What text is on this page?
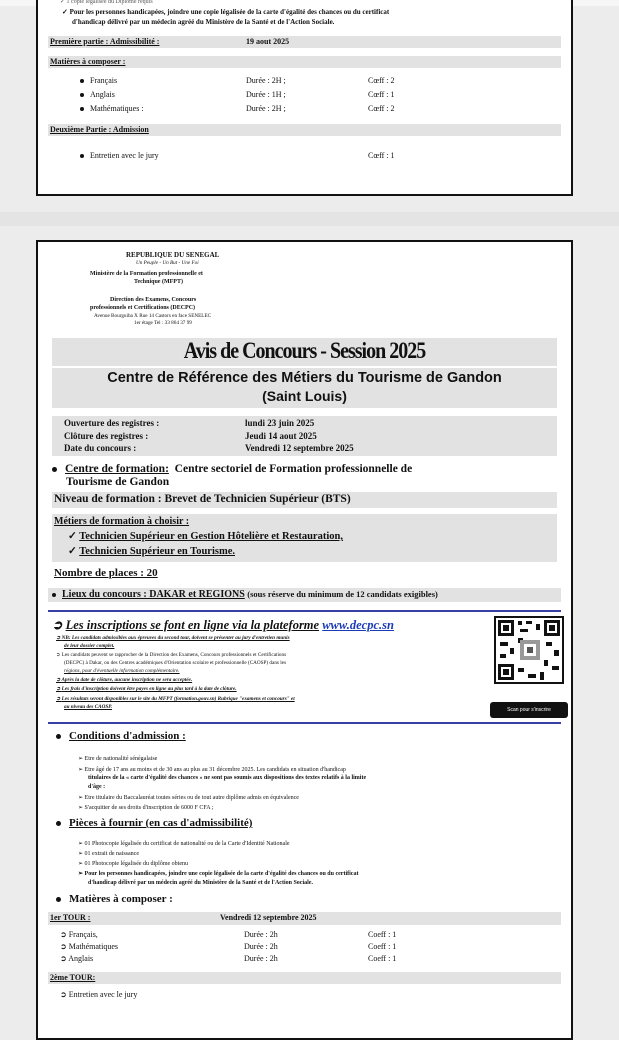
✓ 1 copie légalisée du Diplôme requis
✓ Pour les personnes handicapées, joindre une copie légalisée de la carte d'égalité des chances ou du certificat
d'handicap délivré par un médecin agréé du Ministère de la Santé et de l'Action Sociale.
Première partie : Admissibilité :	19 aout 2025
Matières à composer :
Français	Durée : 2H ;	Cœff : 2
Anglais	Durée : 1H ;	Cœff : 1
Mathématiques :	Durée : 2H ;	Cœff : 2
Deuxième Partie : Admission
Entretien avec le jury	Cœff : 1
REPUBLIQUE DU SENEGAL
Un Peuple - Un But - Une Foi
Ministère de la Formation professionnelle et
Technique (MFPT)
Direction des Examens, Concours
professionnels et Certifications (DECPC)
Avenue Bourguiba X Rue 14 Castors en face SENELEC
1er étage Tel : 33 864 37 99
Avis de Concours - Session 2025
Centre de Référence des Métiers du Tourisme de Gandon
(Saint Louis)
Ouverture des registres :	lundi 23 juin 2025
Clôture des registres :	Jeudi 14 aout 2025
Date du concours :	Vendredi 12 septembre 2025
Centre de formation: Centre sectoriel de Formation professionnelle de
Tourisme de Gandon
Niveau de formation : Brevet de Technicien Supérieur (BTS)
Métiers de formation à choisir :
✓ Technicien Supérieur en Gestion Hôtelière et Restauration,
✓ Technicien Supérieur en Tourisme.
Nombre de places : 20
Lieux du concours : DAKAR et REGIONS (sous réserve du minimum de 12 candidats exigibles)
➲ Les inscriptions se font en ligne via la plateforme www.decpc.sn
➲ NB: Les candidats admissibles aux épreuves du second tour, doivent se présenter au jury d'entretien munis
de leur dossier complet.
➲ Les candidats peuvent se rapprocher de la Direction des Examens, Concours professionnels et Certifications
(DECPC) à Dakar, ou des Centres académiques d'Orientation scolaire et professionnelle (CAOSP) dans les
régions, pour d'éventuelle information complémentaire.
➲ Après la date de clôture, aucune inscription ne sera acceptée.
➲ Les frais d'inscription doivent être payes en ligne au plus tard à la date de clôture.
➲ Les résultats seront disponibles sur le site du MFPT (formation.gouv.sn) Rubrique "examens et concours" et
au niveau des CAOSP.	Scan pour s'inscrire
Conditions d'admission :
➢ Etre de nationalité sénégalaise
➢ Etre âgé de 17 ans au moins et de 30 ans au plus au 31 décembre 2025. Les candidats en situation d'handicap
titulaires de la « carte d'égalité des chances » ne sont pas soumis aux dispositions des textes relatifs à la limite
d'âge :
➢ Etre titulaire du Baccalauréat toutes séries ou de tout autre diplôme admis en équivalence
➢ S'acquitter de ses droits d'inscription de 6000 F CFA ;
Pièces à fournir (en cas d'admissibilité)
➢ 01 Photocopie légalisée du certificat de nationalité ou de la Carte d'Identité Nationale
➢ 01 extrait de naissance
➢ 01 Photocopie légalisée du diplôme obtenu
➢ Pour les personnes handicapées, joindre une copie légalisée de la carte d'égalité des chances ou du certificat
d'handicap délivré par un médecin agréé du Ministère de la Santé et de l'Action Sociale.
Matières à composer :
1er TOUR :	Vendredi 12 septembre 2025
➲ Français,	Durée : 2h	Coeff : 1
➲ Mathématiques	Durée : 2h	Coeff : 1
➲ Anglais	Durée : 2h	Coeff : 1
2ème TOUR:
➲ Entretien avec le jury
